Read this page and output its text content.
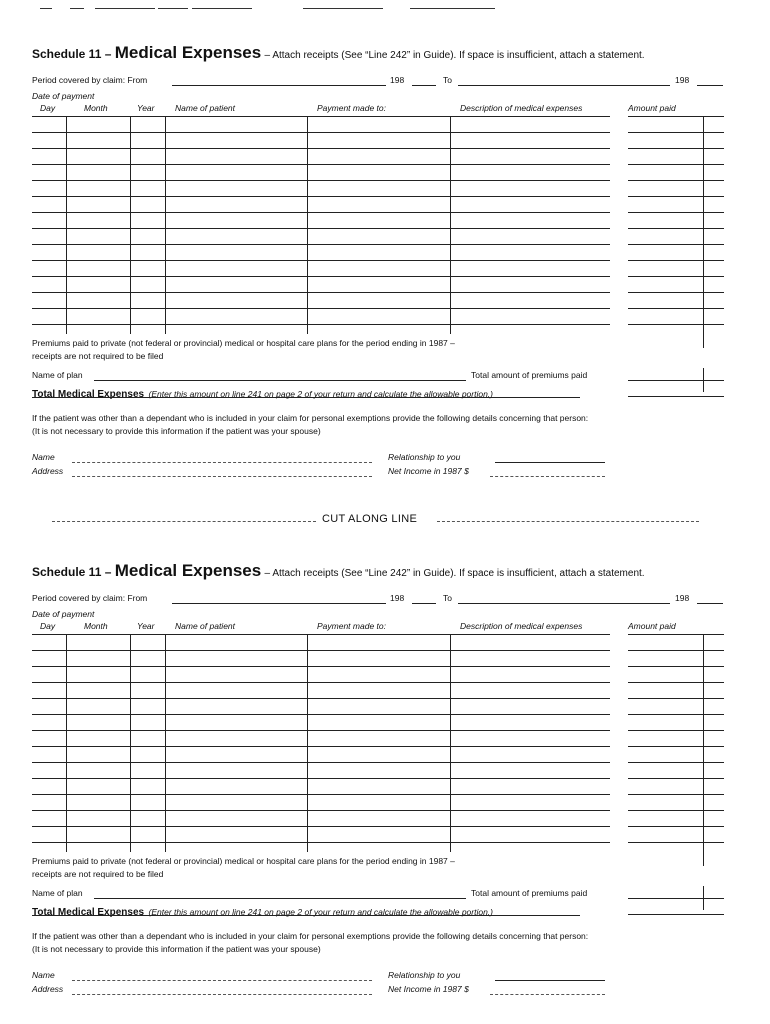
Schedule 11 – Medical Expenses – Attach receipts (See “Line 242” in Guide). If space is insufficient, attach a statement.
Period covered by claim: From	198	To	198
Date of payment
Day	Month	Year Name of patient	Payment made to:	Description of medical expenses	Amount paid
Premiums paid to private (not federal or provincial) medical or hospital care plans for the period ending in 1987 –
receipts are not required to be filed
Name of plan	Total amount of premiums paid
Total Medical Expenses (Enter this amount on line 241 on page 2 of your return and calculate the allowable portion.)
If the patient was other than a dependant who is included in your claim for personal exemptions provide the following details concerning that person:
(It is not necessary to provide this information if the patient was your spouse)
Name
Address
Relationship to you
Net Income in 1987 $
CUT ALONG LINE
Schedule 11 – Medical Expenses – Attach receipts (See “Line 242” in Guide). If space is insufficient, attach a statement.
Period covered by claim: From	198	To	198
Date of payment
Day	Month	Year Name of patient	Payment made to:	Description of medical expenses	Amount paid
Premiums paid to private (not federal or provincial) medical or hospital care plans for the period ending in 1987 –
receipts are not required to be filed
Name of plan	Total amount of premiums paid
Total Medical Expenses (Enter this amount on line 241 on page 2 of your return and calculate the allowable portion.)
If the patient was other than a dependant who is included in your claim for personal exemptions provide the following details concerning that person:
(It is not necessary to provide this information if the patient was your spouse)
Name
Address
Relationship to you
Net Income in 1987 $
